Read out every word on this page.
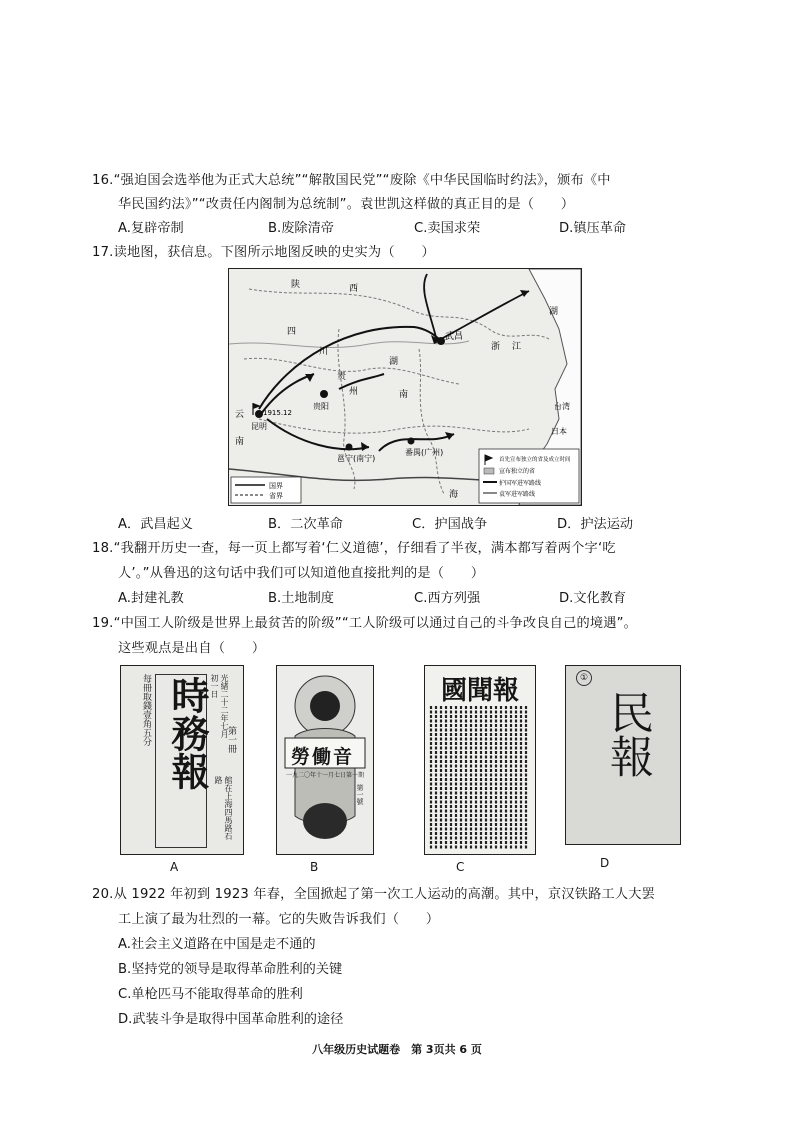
16.“强迫国会选举他为正式大总统”“解散国民党”“废除《中华民国临时约法》，颁布《中
华民国约法》”“改责任内阁制为总统制”。袁世凯这样做的真正目的是（　　）
A.复辟帝制	B.废除清帝	C.卖国求荣	D.镇压革命
17.读地图，获信息。下图所示地图反映的史实为（　　）
陕	西
四
川
武昌
湖
南
浙 江
贵
州
贵阳
昆明
云
南
1915.12
邕宁(南宁)
番禺(广州)
湖
台湾
日本
海
国界
省界
首先宣布独立的省及成立时间
宣布独立的省
护国军进军路线
袁军进军路线
A．武昌起义	B．二次革命	C．护国战争	D．护法运动
18.“我翻开历史一查，每一页上都写着‘仁义道德’，仔细看了半夜，满本都写着两个字‘吃
人’。”从鲁迅的这句话中我们可以知道他直接批判的是（　　）
A.封建礼教	B.土地制度	C.西方列强	D.文化教育
19.“中国工人阶级是世界上最贫苦的阶级”“工人阶级可以通过自己的斗争改良自己的境遇”。
这些观点是出自（　　）
每冊取錢壹角五分 時務報	光緒二十二年七月初一日
第一冊
館在上海四馬路石路
A
勞働音
一九二〇年十一月七日第一期
第一號
B
國聞報
C
①
民報
D
20.从 1922 年初到 1923 年春，全国掀起了第一次工人运动的高潮。其中，京汉铁路工人大罢
工上演了最为壮烈的一幕。它的失败告诉我们（　　）
A.社会主义道路在中国是走不通的
B.坚持党的领导是取得革命胜利的关键
C.单枪匹马不能取得革命的胜利
D.武装斗争是取得中国革命胜利的途径
八年级历史试题卷　第 3页共 6 页
